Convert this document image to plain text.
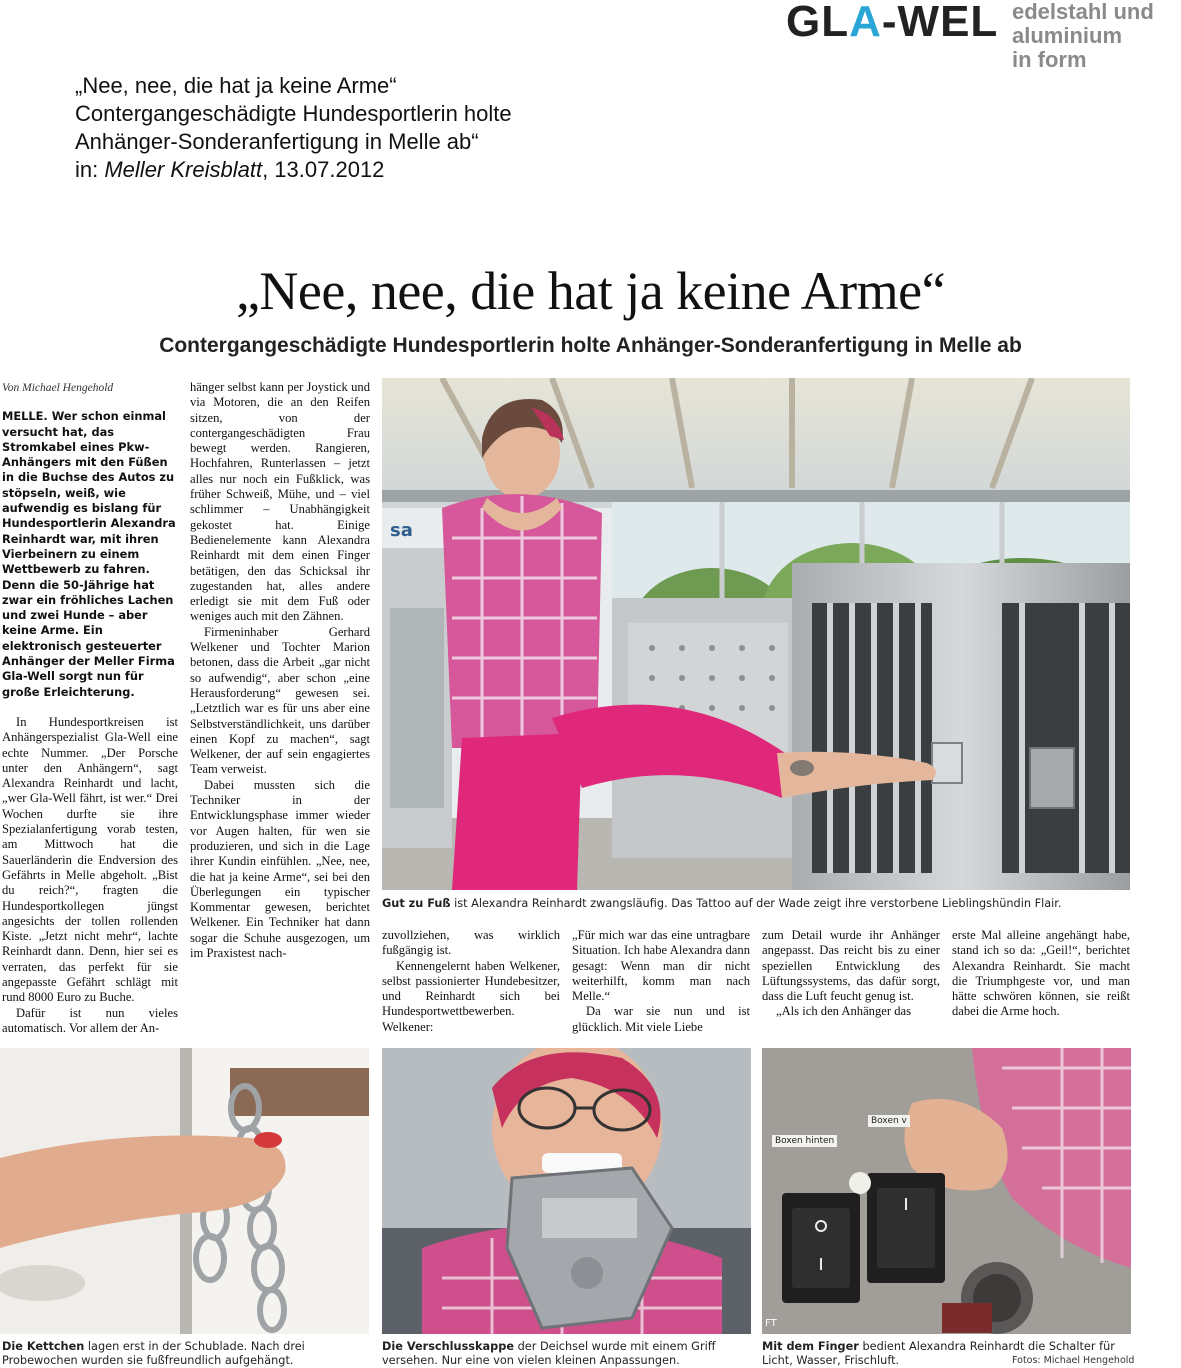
GLA-WEL edelstahl und
aluminium
in form
„Nee, nee, die hat ja keine Arme“
Contergangeschädigte Hundesportlerin holte
Anhänger-Sonderanfertigung in Melle ab“
in: Meller Kreisblatt, 13.07.2012
„Nee, nee, die hat ja keine Arme“
Contergangeschädigte Hundesportlerin holte Anhänger-Sonderanfertigung in Melle ab

Von Michael Hengehold

MELLE. Wer schon einmal versucht hat, das Stromkabel eines Pkw-Anhängers mit den Füßen in die Buchse des Autos zu stöpseln, weiß, wie aufwendig es bislang für Hundesportlerin Alexandra Reinhardt war, mit ihren Vierbeinern zu einem Wettbewerb zu fahren. Denn die 50-Jährige hat zwar ein fröhliches Lachen und zwei Hunde – aber keine Arme. Ein elektronisch gesteuerter Anhänger der Meller Firma Gla-Well sorgt nun für große Erleichterung.

In Hundesportkreisen ist Anhängerspezialist Gla-Well eine echte Nummer. „Der Porsche unter den Anhängern“, sagt Alexandra Reinhardt und lacht, „wer Gla-Well fährt, ist wer.“ Drei Wochen durfte sie ihre Spezialanfertigung vorab testen, am Mittwoch hat die Sauerländerin die Endversion des Gefährts in Melle abgeholt. „Bist du reich?“, fragten die Hundesportkollegen jüngst angesichts der tollen rollenden Kiste. „Jetzt nicht mehr“, lachte Reinhardt dann. Denn, hier sei es verraten, das perfekt für sie angepasste Gefährt schlägt mit rund 8000 Euro zu Buche.

Dafür ist nun vieles automatisch. Vor allem der An-

hänger selbst kann per Joystick und via Motoren, die an den Reifen sitzen, von der contergangeschädigten Frau bewegt werden. Rangieren, Hochfahren, Runterlassen – jetzt alles nur noch ein Fußklick, was früher Schweiß, Mühe, und – viel schlimmer – Unabhängigkeit gekostet hat. Einige Bedienelemente kann Alexandra Reinhardt mit dem einen Finger betätigen, den das Schicksal ihr zugestanden hat, alles andere erledigt sie mit dem Fuß oder weniges auch mit den Zähnen.

Firmeninhaber Gerhard Welkener und Tochter Marion betonen, dass die Arbeit „gar nicht so aufwendig“, aber schon „eine Herausforderung“ gewesen sei. „Letztlich war es für uns aber eine Selbstverständlichkeit, uns darüber einen Kopf zu machen“, sagt Welkener, der auf sein engagiertes Team verweist.

Dabei mussten sich die Techniker in der Entwicklungsphase immer wieder vor Augen halten, für wen sie produzieren, und sich in die Lage ihrer Kundin einfühlen. „Nee, nee, die hat ja keine Arme“, sei bei den Überlegungen ein typischer Kommentar gewesen, berichtet Welkener. Ein Techniker hat dann sogar die Schuhe ausgezogen, um im Praxistest nach-

sa
Gut zu Fuß ist Alexandra Reinhardt zwangsläufig. Das Tattoo auf der Wade zeigt ihre verstorbene Lieblingshündin Flair.

zuvollziehen, was wirklich fußgängig ist.

Kennengelernt haben Welkener, selbst passionierter Hundebesitzer, und Reinhardt sich bei Hundesportwettbewerben. Welkener:

„Für mich war das eine untragbare Situation. Ich habe Alexandra dann gesagt: Wenn man dir nicht weiterhilft, komm man nach Melle.“

Da war sie nun und ist glücklich. Mit viele Liebe

zum Detail wurde ihr Anhänger angepasst. Das reicht bis zu einer speziellen Entwicklung des Lüftungssystems, das dafür sorgt, dass die Luft feucht genug ist.

„Als ich den Anhänger das

erste Mal alleine angehängt habe, stand ich so da: „Geil!“, berichtet Alexandra Reinhardt. Sie macht die Triumphgeste vor, und man hätte schwören können, sie reißt dabei die Arme hoch.

Die Kettchen lagen erst in der Schublade. Nach drei Probewochen wurden sie fußfreundlich aufgehängt.
Die Verschlusskappe der Deichsel wurde mit einem Griff versehen. Nur eine von vielen kleinen Anpassungen.
Boxen hinten
Boxen v
FT
Mit dem Finger bedient Alexandra Reinhardt die Schalter für Licht, Wasser, Frischluft.	Fotos: Michael Hengehold
